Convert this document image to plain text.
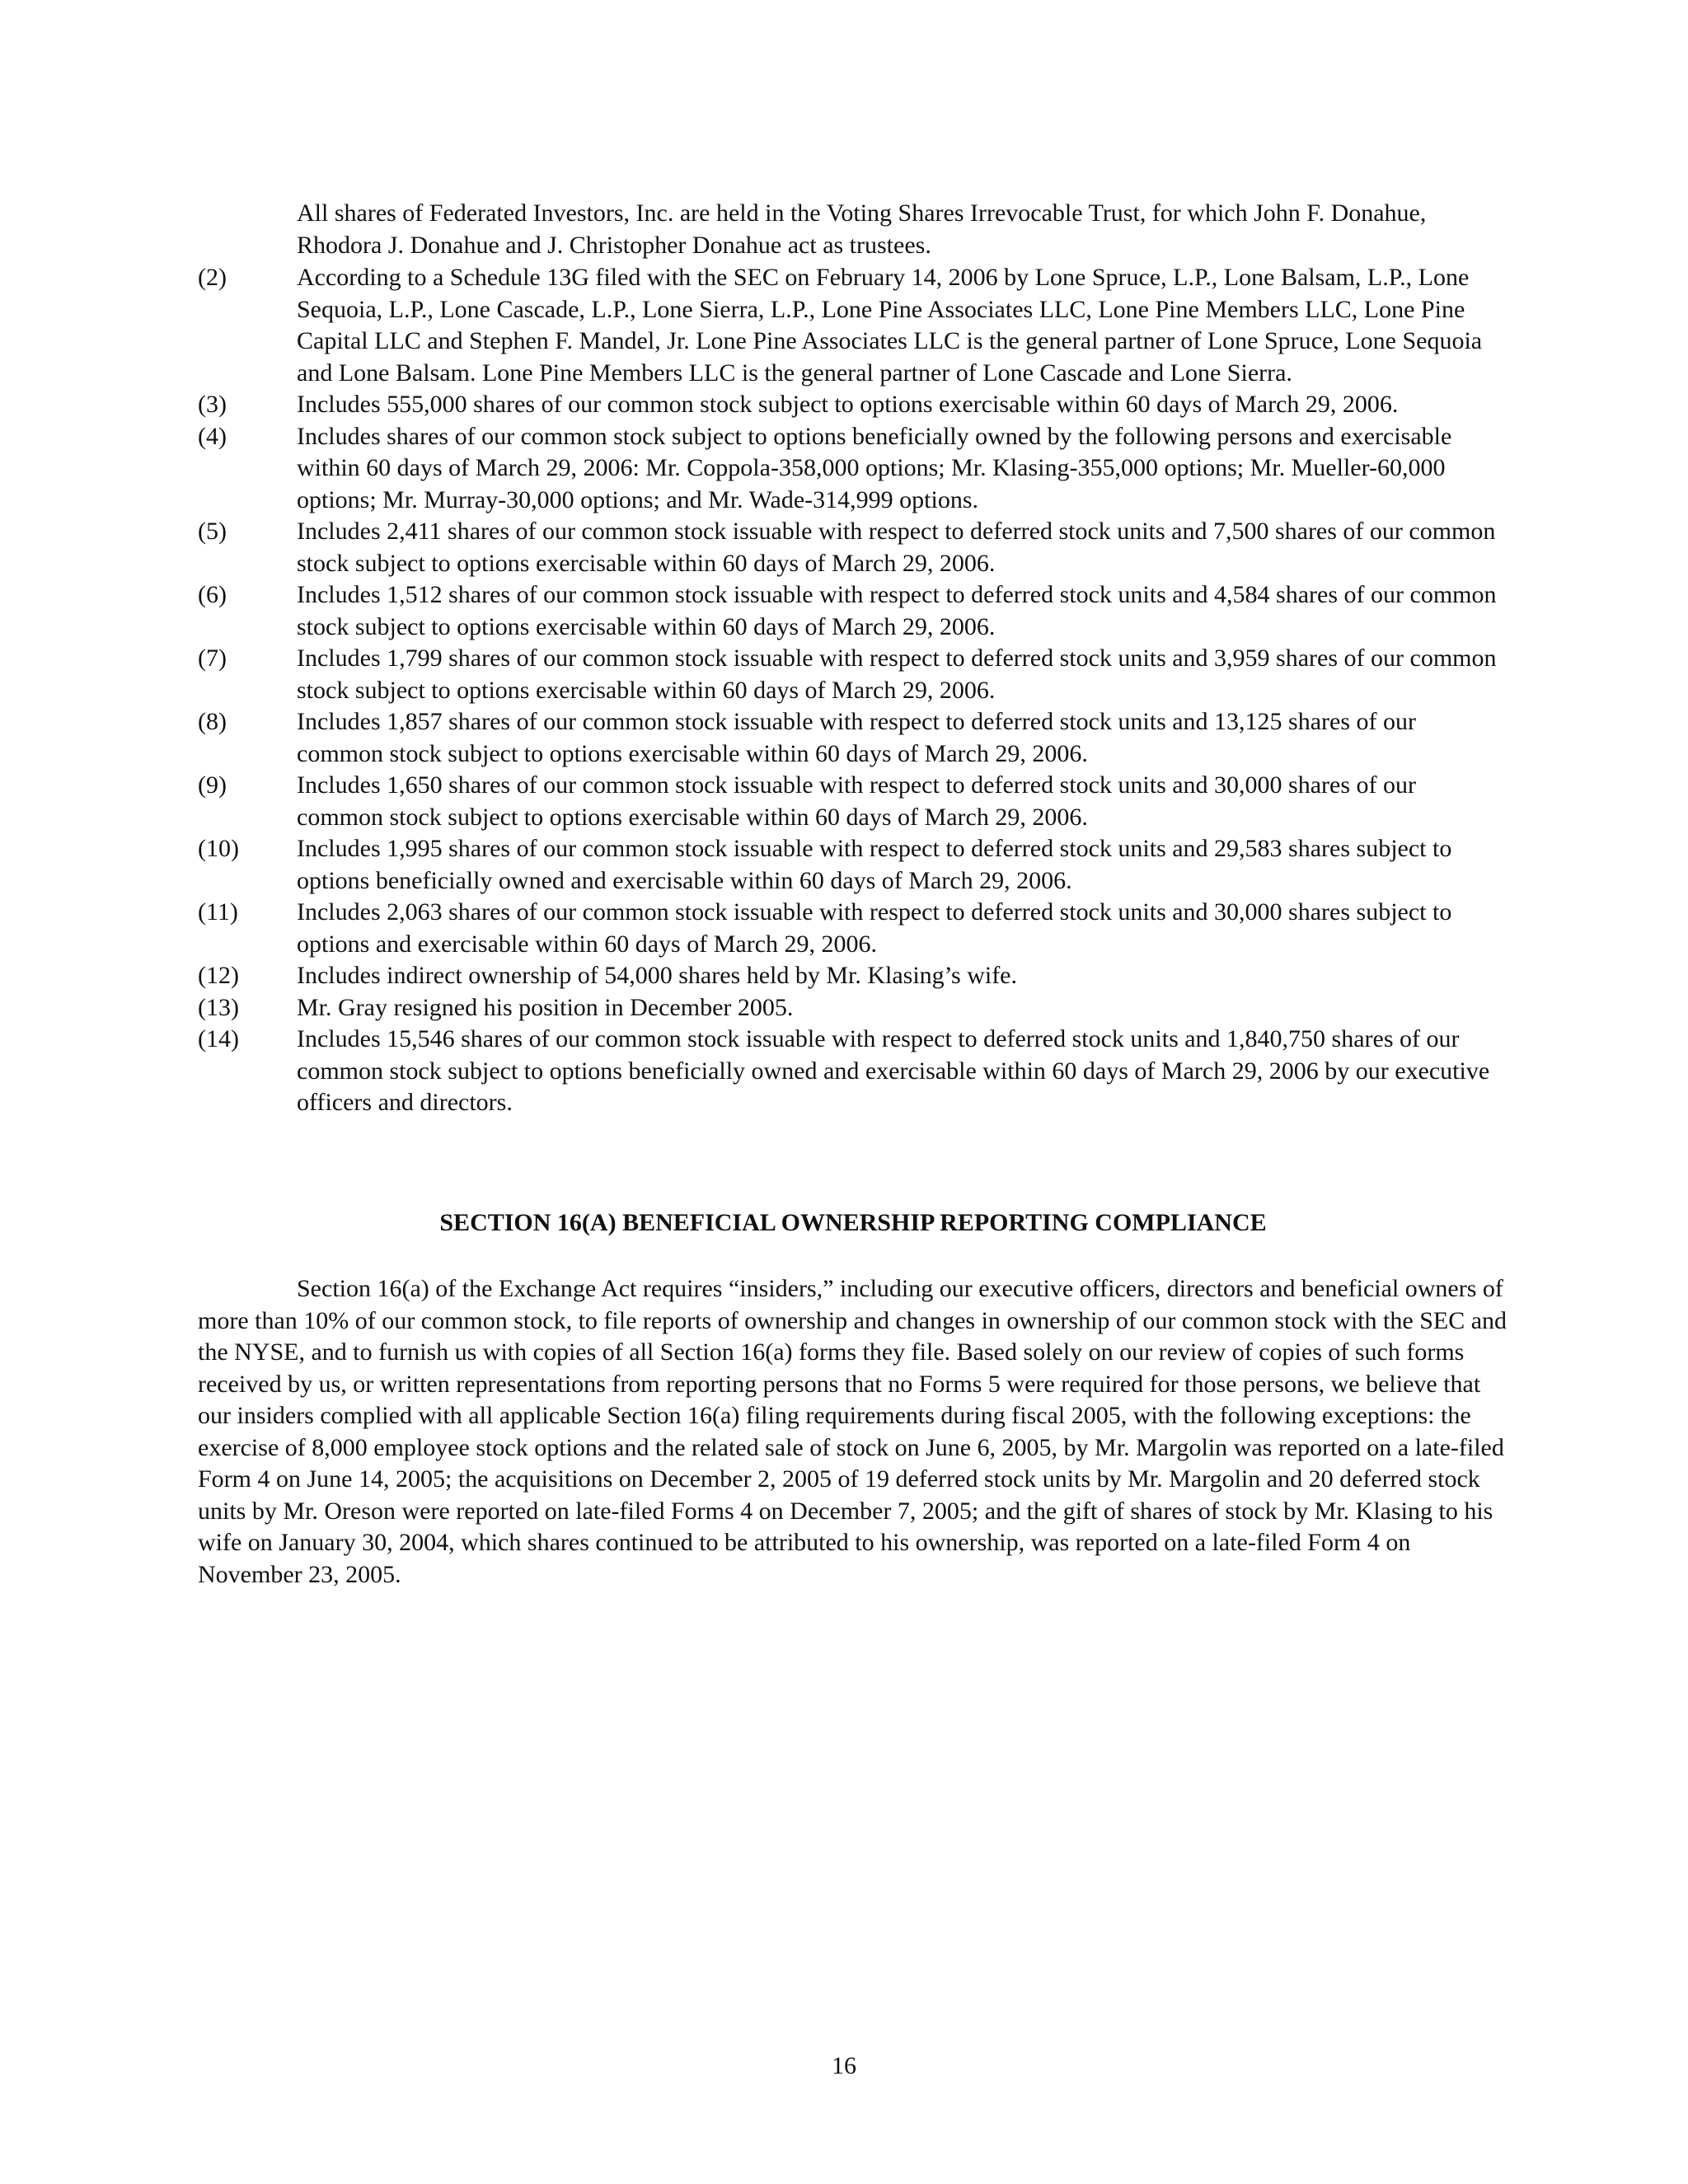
All shares of Federated Investors, Inc. are held in the Voting Shares Irrevocable Trust, for which John F. Donahue, Rhodora J. Donahue and J. Christopher Donahue act as trustees.
(2)	According to a Schedule 13G filed with the SEC on February 14, 2006 by Lone Spruce, L.P., Lone Balsam, L.P., Lone Sequoia, L.P., Lone Cascade, L.P., Lone Sierra, L.P., Lone Pine Associates LLC, Lone Pine Members LLC, Lone Pine Capital LLC and Stephen F. Mandel, Jr. Lone Pine Associates LLC is the general partner of Lone Spruce, Lone Sequoia and Lone Balsam. Lone Pine Members LLC is the general partner of Lone Cascade and Lone Sierra.
(3)	Includes 555,000 shares of our common stock subject to options exercisable within 60 days of March 29, 2006.
(4)	Includes shares of our common stock subject to options beneficially owned by the following persons and exercisable within 60 days of March 29, 2006: Mr. Coppola-358,000 options; Mr. Klasing-355,000 options; Mr. Mueller-60,000 options; Mr. Murray-30,000 options; and Mr. Wade-314,999 options.
(5)	Includes 2,411 shares of our common stock issuable with respect to deferred stock units and 7,500 shares of our common stock subject to options exercisable within 60 days of March 29, 2006.
(6)	Includes 1,512 shares of our common stock issuable with respect to deferred stock units and 4,584 shares of our common stock subject to options exercisable within 60 days of March 29, 2006.
(7)	Includes 1,799 shares of our common stock issuable with respect to deferred stock units and 3,959 shares of our common stock subject to options exercisable within 60 days of March 29, 2006.
(8)	Includes 1,857 shares of our common stock issuable with respect to deferred stock units and 13,125 shares of our common stock subject to options exercisable within 60 days of March 29, 2006.
(9)	Includes 1,650 shares of our common stock issuable with respect to deferred stock units and 30,000 shares of our common stock subject to options exercisable within 60 days of March 29, 2006.
(10)	Includes 1,995 shares of our common stock issuable with respect to deferred stock units and 29,583 shares subject to options beneficially owned and exercisable within 60 days of March 29, 2006.
(11)	Includes 2,063 shares of our common stock issuable with respect to deferred stock units and 30,000 shares subject to options and exercisable within 60 days of March 29, 2006.
(12)	Includes indirect ownership of 54,000 shares held by Mr. Klasing’s wife.
(13)	Mr. Gray resigned his position in December 2005.
(14)	Includes 15,546 shares of our common stock issuable with respect to deferred stock units and 1,840,750 shares of our common stock subject to options beneficially owned and exercisable within 60 days of March 29, 2006 by our executive officers and directors.
SECTION 16(A) BENEFICIAL OWNERSHIP REPORTING COMPLIANCE
Section 16(a) of the Exchange Act requires “insiders,” including our executive officers, directors and beneficial owners of more than 10% of our common stock, to file reports of ownership and changes in ownership of our common stock with the SEC and the NYSE, and to furnish us with copies of all Section 16(a) forms they file. Based solely on our review of copies of such forms received by us, or written representations from reporting persons that no Forms 5 were required for those persons, we believe that our insiders complied with all applicable Section 16(a) filing requirements during fiscal 2005, with the following exceptions: the exercise of 8,000 employee stock options and the related sale of stock on June 6, 2005, by Mr. Margolin was reported on a late-filed Form 4 on June 14, 2005; the acquisitions on December 2, 2005 of 19 deferred stock units by Mr. Margolin and 20 deferred stock units by Mr. Oreson were reported on late-filed Forms 4 on December 7, 2005; and the gift of shares of stock by Mr. Klasing to his wife on January 30, 2004, which shares continued to be attributed to his ownership, was reported on a late-filed Form 4 on November 23, 2005.
16
